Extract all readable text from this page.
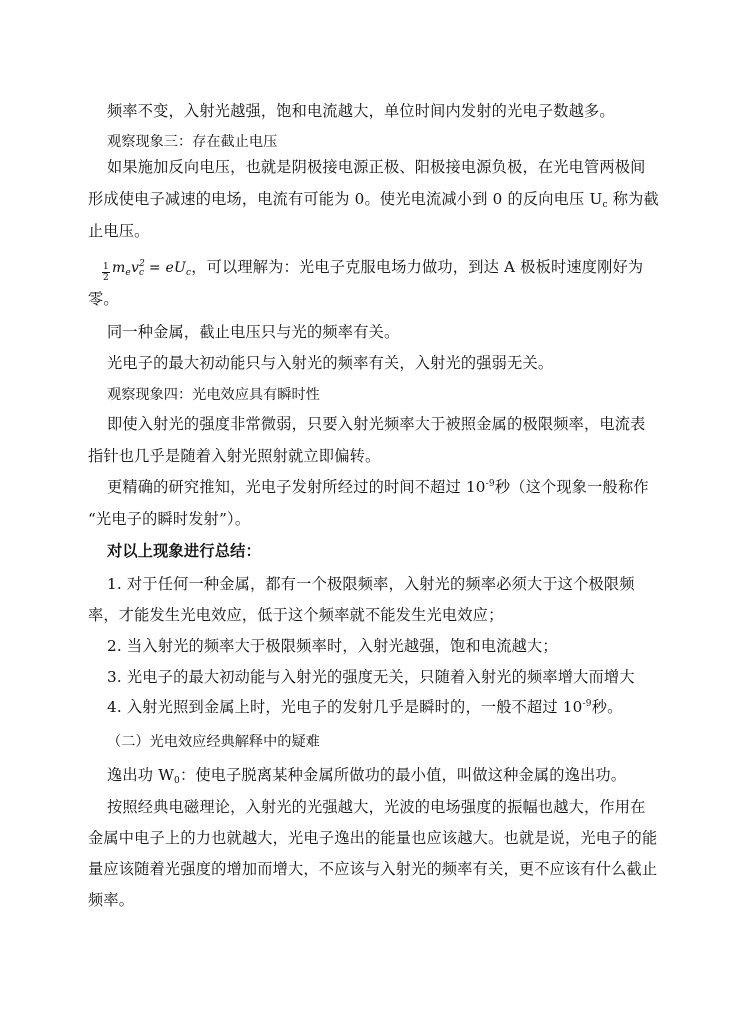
频率不变，入射光越强，饱和电流越大，单位时间内发射的光电子数越多。
观察现象三：存在截止电压
如果施加反向电压，也就是阴极接电源正极、阳极接电源负极，在光电管两极间
形成使电子减速的电场，电流有可能为 0。使光电流减小到 0 的反向电压 $U_c$ 称为截
止电压。
$\frac{1}{2} m_ev^2_c = eU_c$，可以理解为：光电子克服电场力做功，到达 A 极板时速度刚好为
零。
同一种金属，截止电压只与光的频率有关。
光电子的最大初动能只与入射光的频率有关，入射光的强弱无关。
观察现象四：光电效应具有瞬时性
即使入射光的强度非常微弱，只要入射光频率大于被照金属的极限频率，电流表
指针也几乎是随着入射光照射就立即偏转。
更精确的研究推知，光电子发射所经过的时间不超过 $10^{-9}$秒（这个现象一般称作
“光电子的瞬时发射”）。
对以上现象进行总结：
1. 对于任何一种金属，都有一个极限频率，入射光的频率必须大于这个极限频
率，才能发生光电效应，低于这个频率就不能发生光电效应；
2. 当入射光的频率大于极限频率时，入射光越强，饱和电流越大；
3. 光电子的最大初动能与入射光的强度无关，只随着入射光的频率增大而增大
4. 入射光照到金属上时，光电子的发射几乎是瞬时的，一般不超过 $10^{-9}$秒。
（二）光电效应经典解释中的疑难
逸出功 $W_0$：使电子脱离某种金属所做功的最小值，叫做这种金属的逸出功。
按照经典电磁理论，入射光的光强越大，光波的电场强度的振幅也越大，作用在
金属中电子上的力也就越大，光电子逸出的能量也应该越大。也就是说，光电子的能
量应该随着光强度的增加而增大，不应该与入射光的频率有关，更不应该有什么截止
频率。
